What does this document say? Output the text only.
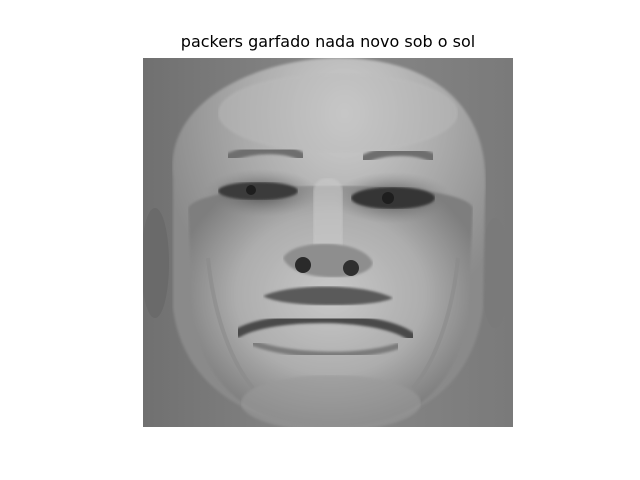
packers garfado nada novo sob o sol
